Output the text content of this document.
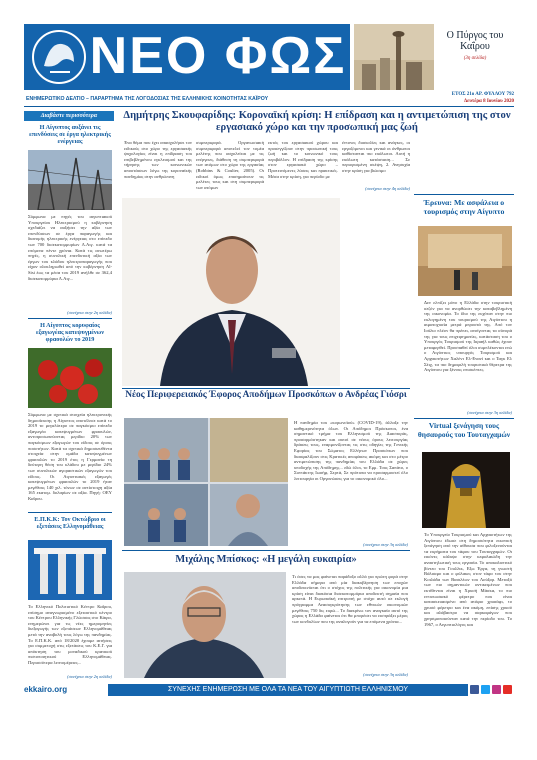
ΝΕΟ ΦΩΣ	Ο Πύργος του Καΐρου
(3η σελίδα)
ΕΝΗΜΕΡΩΤΙΚΟ ΔΕΛΤΙΟ – ΠΑΡΑΡΤΗΜΑ ΤΗΣ ΛΟΓΟΔΟΣΙΑΣ ΤΗΣ ΕΛΛΗΝΙΚΗΣ ΚΟΙΝΟΤΗΤΑΣ ΚΑΪΡΟΥ
ΕΤΟΣ 21ο ΑΡ. ΦΥΛΛΟΥ 792
Δευτέρα 8 Ιουνίου 2020
Διαβάστε περισσότερα
Η Αίγυπτος αυξάνει τις επενδύσεις σε έργα ηλεκτρικής ενέργειας
Σύμφωνα με πηγές του αιγυπτιακού Υπουργείου Ηλεκτρισμού η κυβέρνηση σχεδιάζει να αυξήσει την αξία των επενδύσεων σε έργα παραγωγής και διανομής ηλεκτρικής ενέργειας στο επίπεδο των 700 δισεκατομμυρίων Λ.Αιγ. κατά τα επόμενα πέντε χρόνια. Κατά τις ανωτέρω πηγές, η συνολική επενδυτική αξία των έργων του κλάδου ηλεκτροπαραγωγής που είχαν ολοκληρωθεί από την κυβέρνηση Al-Sisi έως τα μέσα του 2019 ανήλθε σε 362,4 δισεκατομμύρια Λ.Αιγ...
(συνέχεια στην 2η σελίδα)
Η Αίγυπτος κορυφαίος εξαγωγέας κατεψυγμένων φραουλών το 2019
Σύμφωνα με σχετικά στοιχεία ηλεκτρονικής δημοσίευσης η Αίγυπτος αποτέλεσε κατά το 2019 το μεγαλύτερο σε παγκόσμιο επίπεδο εξαγωγέα κατεψυγμένων φραουλών, αντιπροσωπεύοντας μερίδιο 20% των παγκόσμιων εξαγωγών του είδους σε όρους ποσοτήτων. Κατά τα σχετικά δημοσιευθέντα στοιχεία στην ομάδα κατεψυγμένων φραουλών το 2019 έτος η Γερμανία τη δεύτερη θέση του κλάδου με μερίδιο 24% των συνολικών αγοραστικών εξαγωγών του είδους. Οι Αιγυπτιακές εξαγωγές κατεψυγμένων φραουλών το 2019 ήταν μεγέθους 140 χιλ. τόνων σε αντίστοιχη αξία 165 εκατομ. δολαρίων σε αξία. Πηγή: ΟΕΥ Καΐρου.
Ε.Π.Κ.Κ: Τον Οκτώβριο οι εξετάσεις Ελληνομάθειας
Το Ελληνικό Πολιτιστικό Κέντρο Καΐρου, επίσημο αναγνωρισμένο εξεταστικό κέντρο του Κέντρου Ελληνικής Γλώσσας στο Κάιρο, ενημερώνει για τις νέες ημερομηνίες διεξαγωγής των εξετάσεων Ελληνομάθειας μετά την αναβολή τους λόγω της πανδημίας. Το Ε.Π.Κ.Κ. από 18/2020 έχουμε αιτήσεις για συμμετοχή στις εξετάσεις του Κ.Ε.Γ. για απόκτηση του μοναδικού κρατικού πιστοποιητικού Ελληνομάθειας. Περισσότερα λεπτομέρειες...
(συνέχεια στην 2η σελίδα)
Δημήτρης Σκουφαρίδης: Κοροναϊκή κρίση: Η επίδραση και η αντιμετώπιση της στον εργασιακό χώρο και την προσωπική μας ζωή
Ένα θέμα που έχει απασχολήσει τον ειδικούς στο χώρο της εργασιακής ψυχολογίας είναι η επίδραση του επιβεβλημένου εγκλεισμού και της τήρησης των κοινωνικών αποστάσεων λόγω της κοροναϊκής πανδημίας στην ανθρώπινη
συμπεριφορά. Οργανωσιακή συμπεριφορά αποτελεί τον τομέα μελέτης που ασχολείται με τις ενέργειες, διάθεση τη συμπεριφορά των ατόμων στο χώρο της εργασίας (Robbins & Coulter, 2005). Οι ειδικοί όμως επισημαίνουν τις μελέτες τους και στη συμπεριφορά των ατόμων
εκτός του εργασιακού χώρου και προσεγγίζουν στην προσωπική τους ζωή και το κοινωνικό τους περιβάλλον. Η επίδραση της κρίσης στον εργασιακό χώρο – Προτεινόμενες λύσεις και πρακτικές. Μέσα στην κρίση, για περίοδο με
έντονες δυσκολίες και ανάγκες, οι εργαζόμενοι και γενικά οι άνθρωποι καθίστανται πιο ευάλωτοι. Αυτή η ευάλωτη κατάσταση... Σε περιορισμένη σκέψη, 2. Ανησυχία στην κρίση για βιώσιμο
(συνέχεια στην 4η σελίδα)
Έρευνα: Με ασφάλεια ο τουρισμός στην Αίγυπτο
Δεν ελπίζει μόνο η Ελλάδα στην τουριστική σεζόν για να ανορθώσει την καταβεβλημένη της οικονομία. Το ίδιο της ευχόταν στην πιο ευλογημένη του τουρισμού της Αιγύπτου η αιματοχυσία μετρά μπροστά της. Από τον Ιούλιο πλέον θα πρέπει, ανοίγοντας τα σύνορά της για τους επιχειρηματίες, κατάσταση του ο Υπουργός Τουρισμού της Ισραήλ καθώς έχουν μεταφερθεί. Προσπαθεί όλοι συμπλέκονται ενώ ο Αιγύπτιος υπουργός Τουρισμού και Αρχαιοτήτων Χαλέντ Ελ-Ενανί και ο Ταγκ Ελ Σέιχ, τα πιο δημοφιλή τουριστικά θέρετρα της Αιγύπτου για ξένους επισκέπτες.
(συνέχεια στην 3η σελίδα)
Virtual ξενάγηση τους θησαυρούς του Τουταγχαμών
Το Υπουργείο Τουρισμού και Αρχαιοτήτων της Αιγύπτου έδωσε στη δημοσιότητα εικονική ξενάγηση από την αίθουσα που φιλοξενούνται τα ευρήματα του τάφου του Τουταγχαμών. Οι εικόνες κάλυψε στην κεφαλαιώδη την αναστηλωτική τους εργασία. Το αποκαλυπτικό βίντεο του Γουλλικ, Εξω Έργα, τη γνωστή Βάλσαμο και ο φύλακες στον τάφο του στην Κοιλάδα των Βασιλέων του Λούξορ. Μεταξύ των πιο σημαντικών αντικειμένων που εκτίθενται είναι η Χρυσή Μάσκα, το πιο εντυπωσιακό φέρετρο που είναι κατασκευασμένο από ατόφιο χρυσάφι, το χρυσό φέρετρο και ένα ακόμη, επίσης χρυσό και αλάβαστρο να σαρκοφάγων που χρησιμοποιούνταν κατά την περίοδο του. Το 1967, ο Αιγυπτιολόγος και
Νέος Περιφερειακός Έφορος Αποδήμων Προσκόπων ο Ανδρέας Γιόσρι
Η πανδημία του «κορωνοϊού» (COVID-19), άλλαξε την καθημερινότητα όλων. Οι Απόδημοι Πρόσκοποι, ένα σημαντικό τμήμα του Ελληνισμού της Διασποράς, προσαρμόστηκαν και αυτοί σε νέους όρους λειτουργίας δράσεις τους, εναρμονίζοντας τις στις οδηγίες της Γενικής Εφορίας του Σώματος Ελλήνων Προσκόπων που διασφαλίζουν στις Κρατικές αποφάσεις ακόμη και στο μέτρο αντιμετώπισης της πανδημίας του Ελλάδα σε χώρες υποδοχής της Απόδημης... εδώ όλοι, το Εμμ. Τους Σαπάτο, ο Συντάκτης Ιωσήφ, Σερτά, Σε πρότυπα να προσαρμοστεί όλο λειτουργία οι Οργανώσεις για το οικονομικό όλο...
(συνέχεια στην 3η σελίδα)
Μιχάλης Μπίσκος: «Η μεγάλη ευκαιρία»
Τι όσες να μας φαίνεται παράδοξο αλλά για πρώτη φορά στην Ελλάδα σήμερα από μία διακυβέρνηση των εποχών αποδεικνύεται ότι ο στόχος της πολιτικής για οικονομία μια κρίση είναι διακόσια δισεκατομμύρια αποδεκτή σημαία που αρκετά. Η Ευρωπαϊκή επιτροπή με στόχο αυτό σε εκλογή πρόγραμμα Ανασυγκρότησης των εθνικών οικονομιών μεγέθους 750 δις ευρώ... Το διακρίνω τον αναγκαίο αυτό της χώρας η Ελλάδα φαίνεται ότι θα μπορέσει να εισπράξει μέρος των κονδυλίων που της αναλογούν για τα επόμενα χρόνια...
(συνέχεια στην 3η σελίδα)
ekkairo.org	ΣΥΝΕΧΗΣ ΕΝΗΜΕΡΩΣΗ ΜΕ ΟΛΑ ΤΑ ΝΕΑ ΤΟΥ ΑΙΓΥΠΤΙΩΤΗ ΕΛΛΗΝΙΣΜΟΥ
